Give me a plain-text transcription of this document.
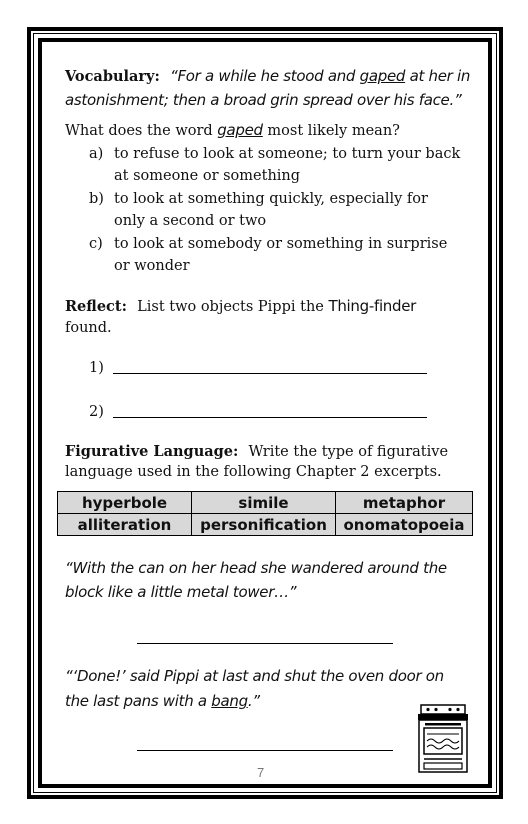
Vocabulary: “For a while he stood and gaped at her in

astonishment; then a broad grin spread over his face.”

What does the word gaped most likely mean?

a) to refuse to look at someone; to turn your back
at someone or something
b) to look at something quickly, especially for
only a second or two
c) to look at somebody or something in surprise
or wonder

Reflect: List two objects Pippi the Thing-finder

found.

1)
2)

Figurative Language: Write the type of figurative

language used in the following Chapter 2 excerpts.

hyperbole	simile	metaphor
alliteration	personification	onomatopoeia

“With the can on her head she wandered around the

block like a little metal tower…”

“‘Done!’ said Pippi at last and shut the oven door on

the last pans with a bang.”

7
